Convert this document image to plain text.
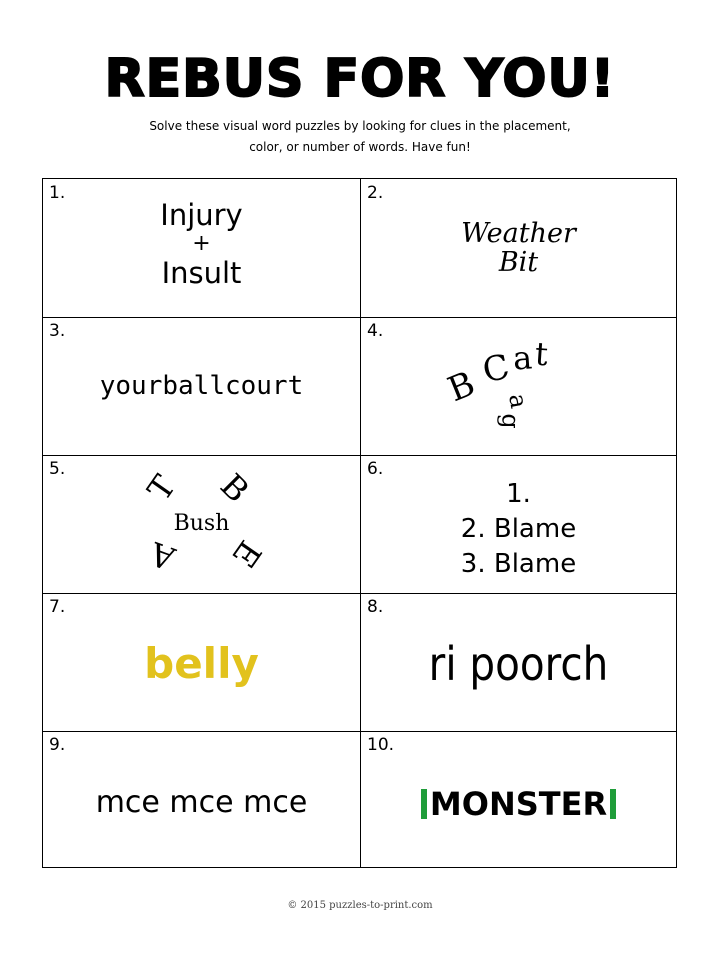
REBUS FOR YOU!
Solve these visual word puzzles by looking for clues in the placement,
color, or number of words. Have fun!
1.
Injury
+
Insult
2.
Weather
Bit
3.
yourballcourt
4.
B
C
a t
a
g
5. T B
E
A
Bush
6.
1.
2. Blame
3. Blame
7.
belly
8.
ri poorch
9.
mce mce mce
10.
MONSTER
© 2015 puzzles-to-print.com
